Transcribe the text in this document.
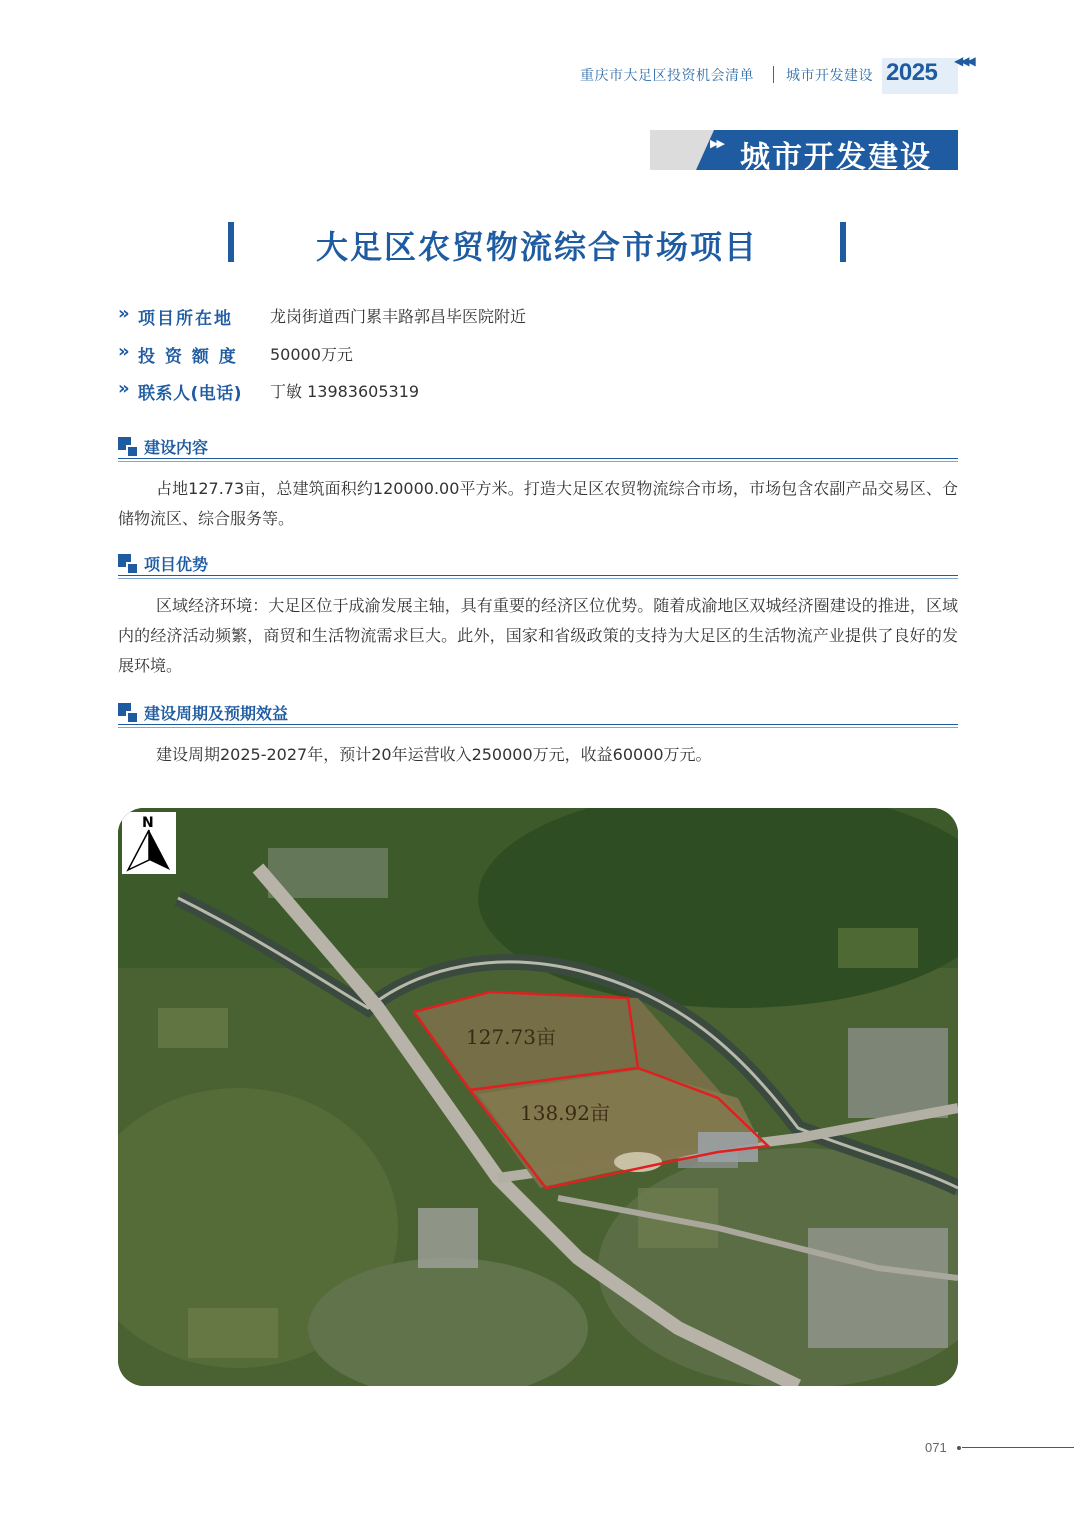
重庆市大足区投资机会清单 城市开发建设 2025 ◀◀◀
▶▶ 城市开发建设
大足区农贸物流综合市场项目
» 项目所在地 龙岗街道西门累丰路郭昌毕医院附近
» 投 资 额 度 50000万元
» 联系人(电话) 丁敏 13983605319
建设内容
占地127.73亩，总建筑面积约120000.00平方米。打造大足区农贸物流综合市场，市场包含农副产品交易区、仓储物流区、综合服务等。
项目优势
区域经济环境：大足区位于成渝发展主轴，具有重要的经济区位优势。随着成渝地区双城经济圈建设的推进，区域内的经济活动频繁，商贸和生活物流需求巨大。此外，国家和省级政策的支持为大足区的生活物流产业提供了良好的发展环境。
建设周期及预期效益
建设周期2025-2027年，预计20年运营收入250000万元，收益60000万元。
127.73亩
138.92亩
N
071
